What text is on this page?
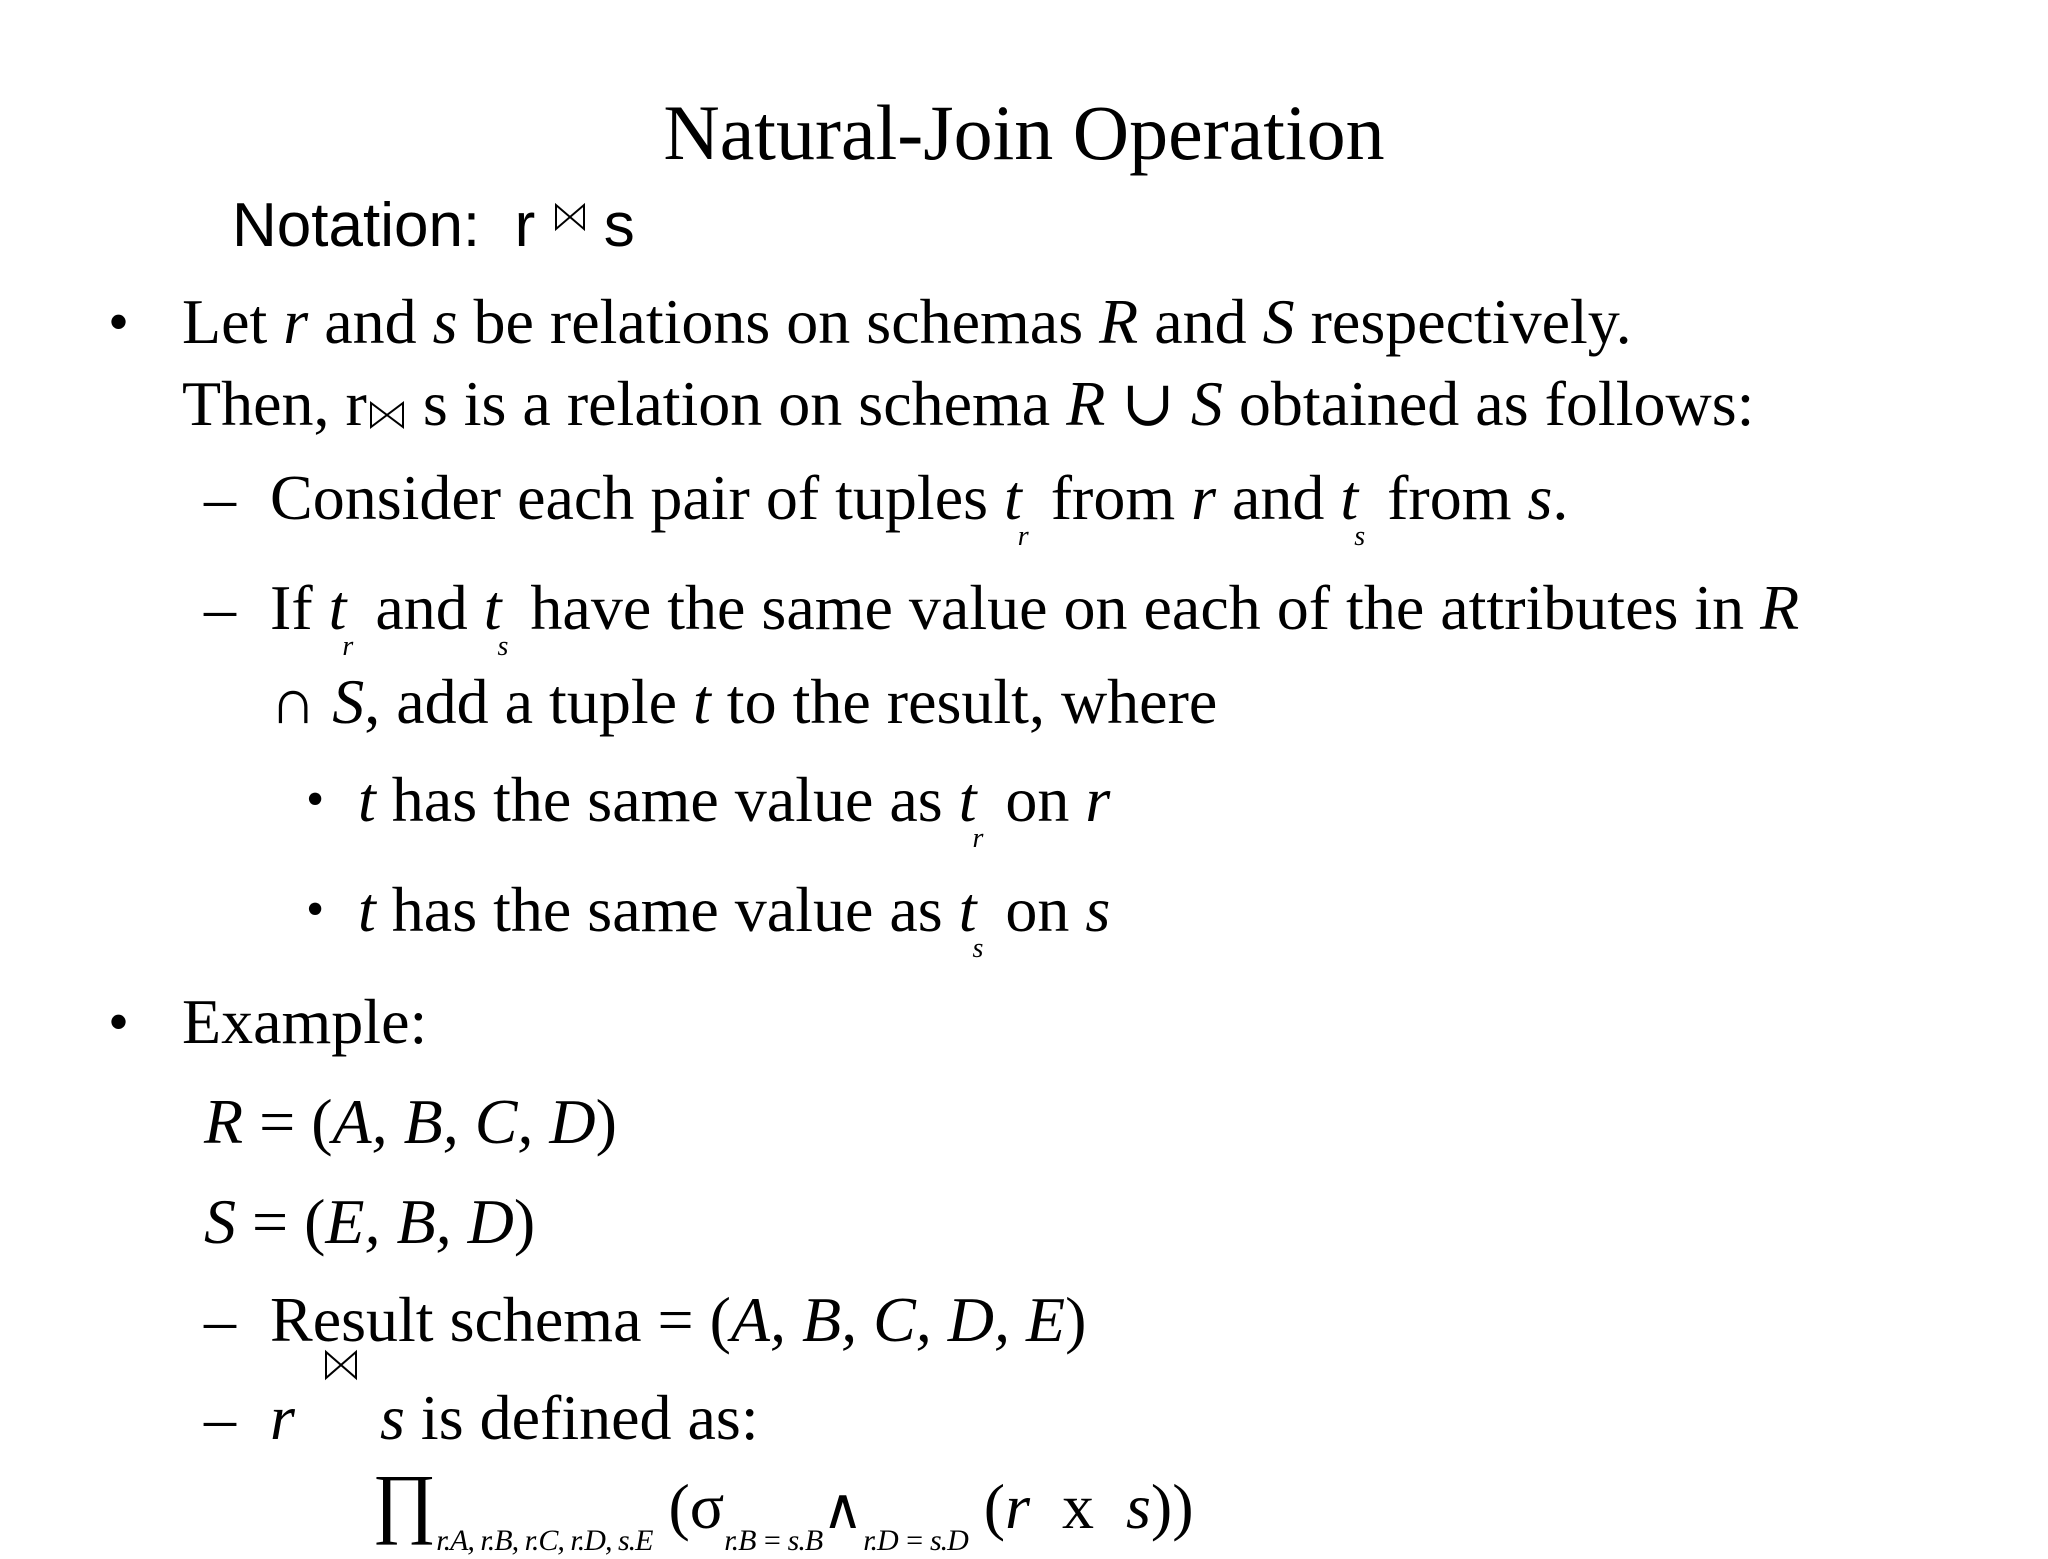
Natural-Join Operation
Notation: r s
• Let r and s be relations on schemas R and S respectively.
Then, r s is a relation on schema R ∪ S obtained as follows:
– Consider each pair of tuples $t_r$ from r and $t_s$ from s.
– If $t_r$ and $t_s$ have the same value on each of the attributes in R
∩ S, add a tuple t to the result, where
• t has the same value as $t_r$ on r
• t has the same value as $t_s$ on s
• Example:
R = (A, B, C, D)
S = (E, B, D)
– Result schema = (A, B, C, D, E)
– r s is defined as:
$\prod_{r.A, r.B, r.C, r.D, s.E}$ ($\sigma_{r.B = s.B}\wedge_{r.D = s.D}$ (r  x  s))
